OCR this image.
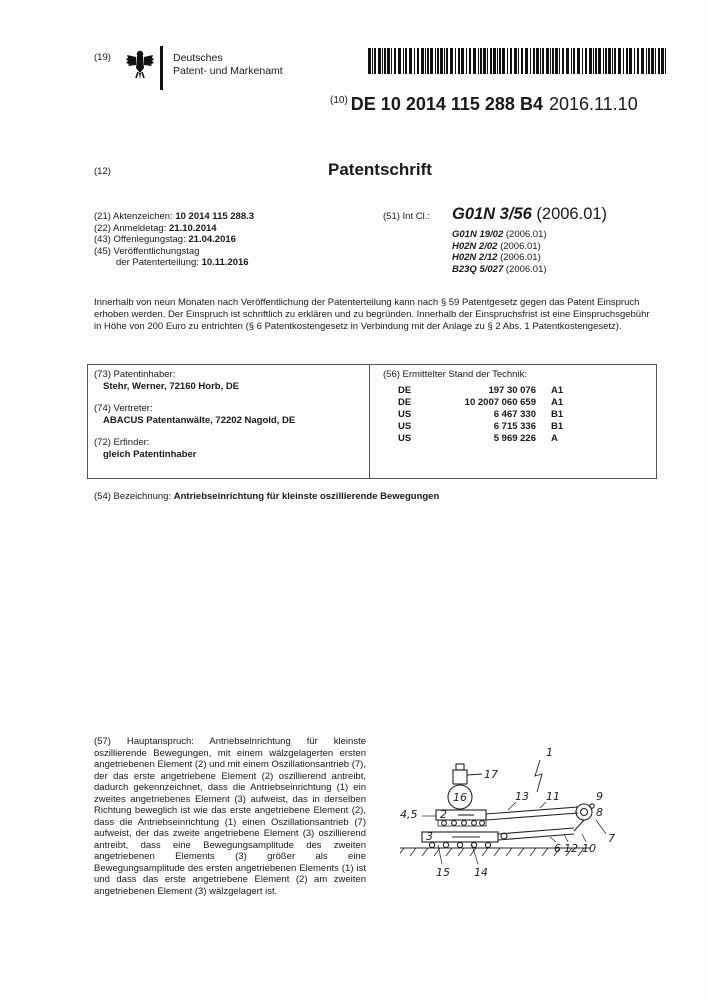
(19)	Deutsches
Patent- und Markenamt
$^{(10)}$ DE 10 2014 115 288 B4 2016.11.10
(12)	Patentschrift
(21) Aktenzeichen: 10 2014 115 288.3
(22) Anmeldetag: 21.10.2014
(43) Offenlegungstag: 21.04.2016
(45) Veröffentlichungstag
der Patenterteilung: 10.11.2016
(51) Int Cl.: G01N 3/56 (2006.01)
G01N 19/02 (2006.01)
H02N 2/02 (2006.01)
H02N 2/12 (2006.01)
B23Q 5/027 (2006.01)
Innerhalb von neun Monaten nach Veröffentlichung der Patenterteilung kann nach § 59 Patentgesetz gegen das Patent Einspruch erhoben werden. Der Einspruch ist schriftlich zu erklären und zu begründen. Innerhalb der Einspruchsfrist ist eine Einspruchsgebühr in Höhe von 200 Euro zu entrichten (§ 6 Patentkostengesetz in Verbindung mit der Anlage zu § 2 Abs. 1 Patentkostengesetz).
(73) Patentinhaber:
Stehr, Werner, 72160 Horb, DE
(74) Vertreter:
ABACUS Patentanwälte, 72202 Nagold, DE
(72) Erfinder:
gleich Patentinhaber
(56) Ermittelter Stand der Technik:
DE	197 30 076	A1
DE	10 2007 060 659	A1
US	6 467 330	B1
US	6 715 336	B1
US	5 969 226	A
(54) Bezeichnung: Antriebseinrichtung für kleinste oszillierende Bewegungen
(57) Hauptanspruch: Antriebseinrichtung für kleinste oszillierende Bewegungen, mit einem wälzgelagerten ersten angetriebenen Element (2) und mit einem Oszillationsantrieb (7), der das erste angetriebene Element (2) oszillierend antreibt, dadurch gekennzeichnet, dass die Antriebseinrichtung (1) ein zweites angetriebenes Element (3) aufweist, das in derselben Richtung beweglich ist wie das erste angetriebene Element (2), dass die Antriebseinrichtung (1) einen Oszillationsantrieb (7) aufweist, der das zweite angetriebene Element (3) oszillierend antreibt, dass eine Bewegungsamplitude des zweiten angetriebenen Elements (3) größer als eine Bewegungsamplitude des ersten angetriebenen Elements (1) ist und dass das erste angetriebene Element (2) am zweiten angetriebenen Element (3) wälzgelagert ist.
1
17
16	13 11	9
8
4,5 2
3
6 12 10
7
15 14
